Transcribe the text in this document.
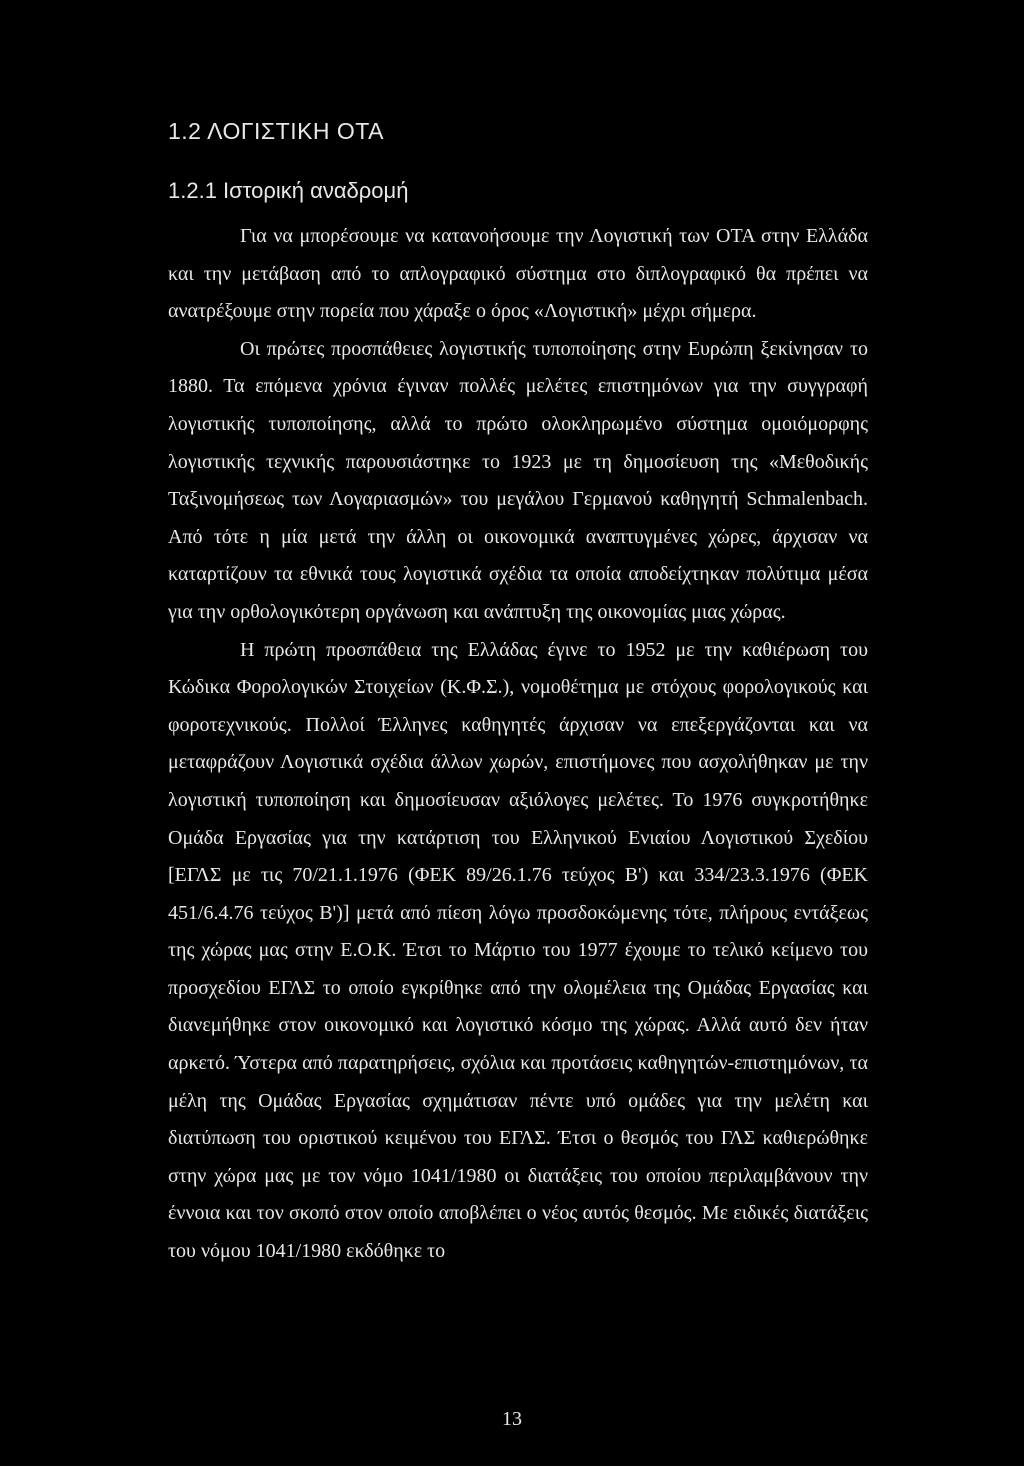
1.2 ΛΟΓΙΣΤΙΚΗ ΟΤΑ
1.2.1 Ιστορική αναδρομή

Για να μπορέσουμε να κατανοήσουμε την Λογιστική των ΟΤΑ στην Ελλάδα και την μετάβαση από το απλογραφικό σύστημα στο διπλογραφικό θα πρέπει να ανατρέξουμε στην πορεία που χάραξε ο όρος «Λογιστική» μέχρι σήμερα.

Οι πρώτες προσπάθειες λογιστικής τυποποίησης στην Ευρώπη ξεκίνησαν το 1880. Τα επόμενα χρόνια έγιναν πολλές μελέτες επιστημόνων για την συγγραφή λογιστικής τυποποίησης, αλλά το πρώτο ολοκληρωμένο σύστημα ομοιόμορφης λογιστικής τεχνικής παρουσιάστηκε το 1923 με τη δημοσίευση της «Μεθοδικής Ταξινομήσεως των Λογαριασμών» του μεγάλου Γερμανού καθηγητή Schmalenbach. Από τότε η μία μετά την άλλη οι οικονομικά αναπτυγμένες χώρες, άρχισαν να καταρτίζουν τα εθνικά τους λογιστικά σχέδια τα οποία αποδείχτηκαν πολύτιμα μέσα για την ορθολογικότερη οργάνωση και ανάπτυξη της οικονομίας μιας χώρας.

Η πρώτη προσπάθεια της Ελλάδας έγινε το 1952 με την καθιέρωση του Κώδικα Φορολογικών Στοιχείων (Κ.Φ.Σ.), νομοθέτημα με στόχους φορολογικούς και φοροτεχνικούς. Πολλοί Έλληνες καθηγητές άρχισαν να επεξεργάζονται και να μεταφράζουν Λογιστικά σχέδια άλλων χωρών, επιστήμονες που ασχολήθηκαν με την λογιστική τυποποίηση και δημοσίευσαν αξιόλογες μελέτες. Το 1976 συγκροτήθηκε Ομάδα Εργασίας για την κατάρτιση του Ελληνικού Ενιαίου Λογιστικού Σχεδίου [ΕΓΛΣ με τις 70/21.1.1976 (ΦΕΚ 89/26.1.76 τεύχος Β') και 334/23.3.1976 (ΦΕΚ 451/6.4.76 τεύχος Β')] μετά από πίεση λόγω προσδοκώμενης τότε, πλήρους εντάξεως της χώρας μας στην Ε.Ο.Κ. Έτσι το Μάρτιο του 1977 έχουμε το τελικό κείμενο του προσχεδίου ΕΓΛΣ το οποίο εγκρίθηκε από την ολομέλεια της Ομάδας Εργασίας και διανεμήθηκε στον οικονομικό και λογιστικό κόσμο της χώρας. Αλλά αυτό δεν ήταν αρκετό. Ύστερα από παρατηρήσεις, σχόλια και προτάσεις καθηγητών-επιστημόνων, τα μέλη της Ομάδας Εργασίας σχημάτισαν πέντε υπό ομάδες για την μελέτη και διατύπωση του οριστικού κειμένου του ΕΓΛΣ. Έτσι ο θεσμός του ΓΛΣ καθιερώθηκε στην χώρα μας με τον νόμο 1041/1980 οι διατάξεις του οποίου περιλαμβάνουν την έννοια και τον σκοπό στον οποίο αποβλέπει ο νέος αυτός θεσμός. Με ειδικές διατάξεις του νόμου 1041/1980 εκδόθηκε το

13
